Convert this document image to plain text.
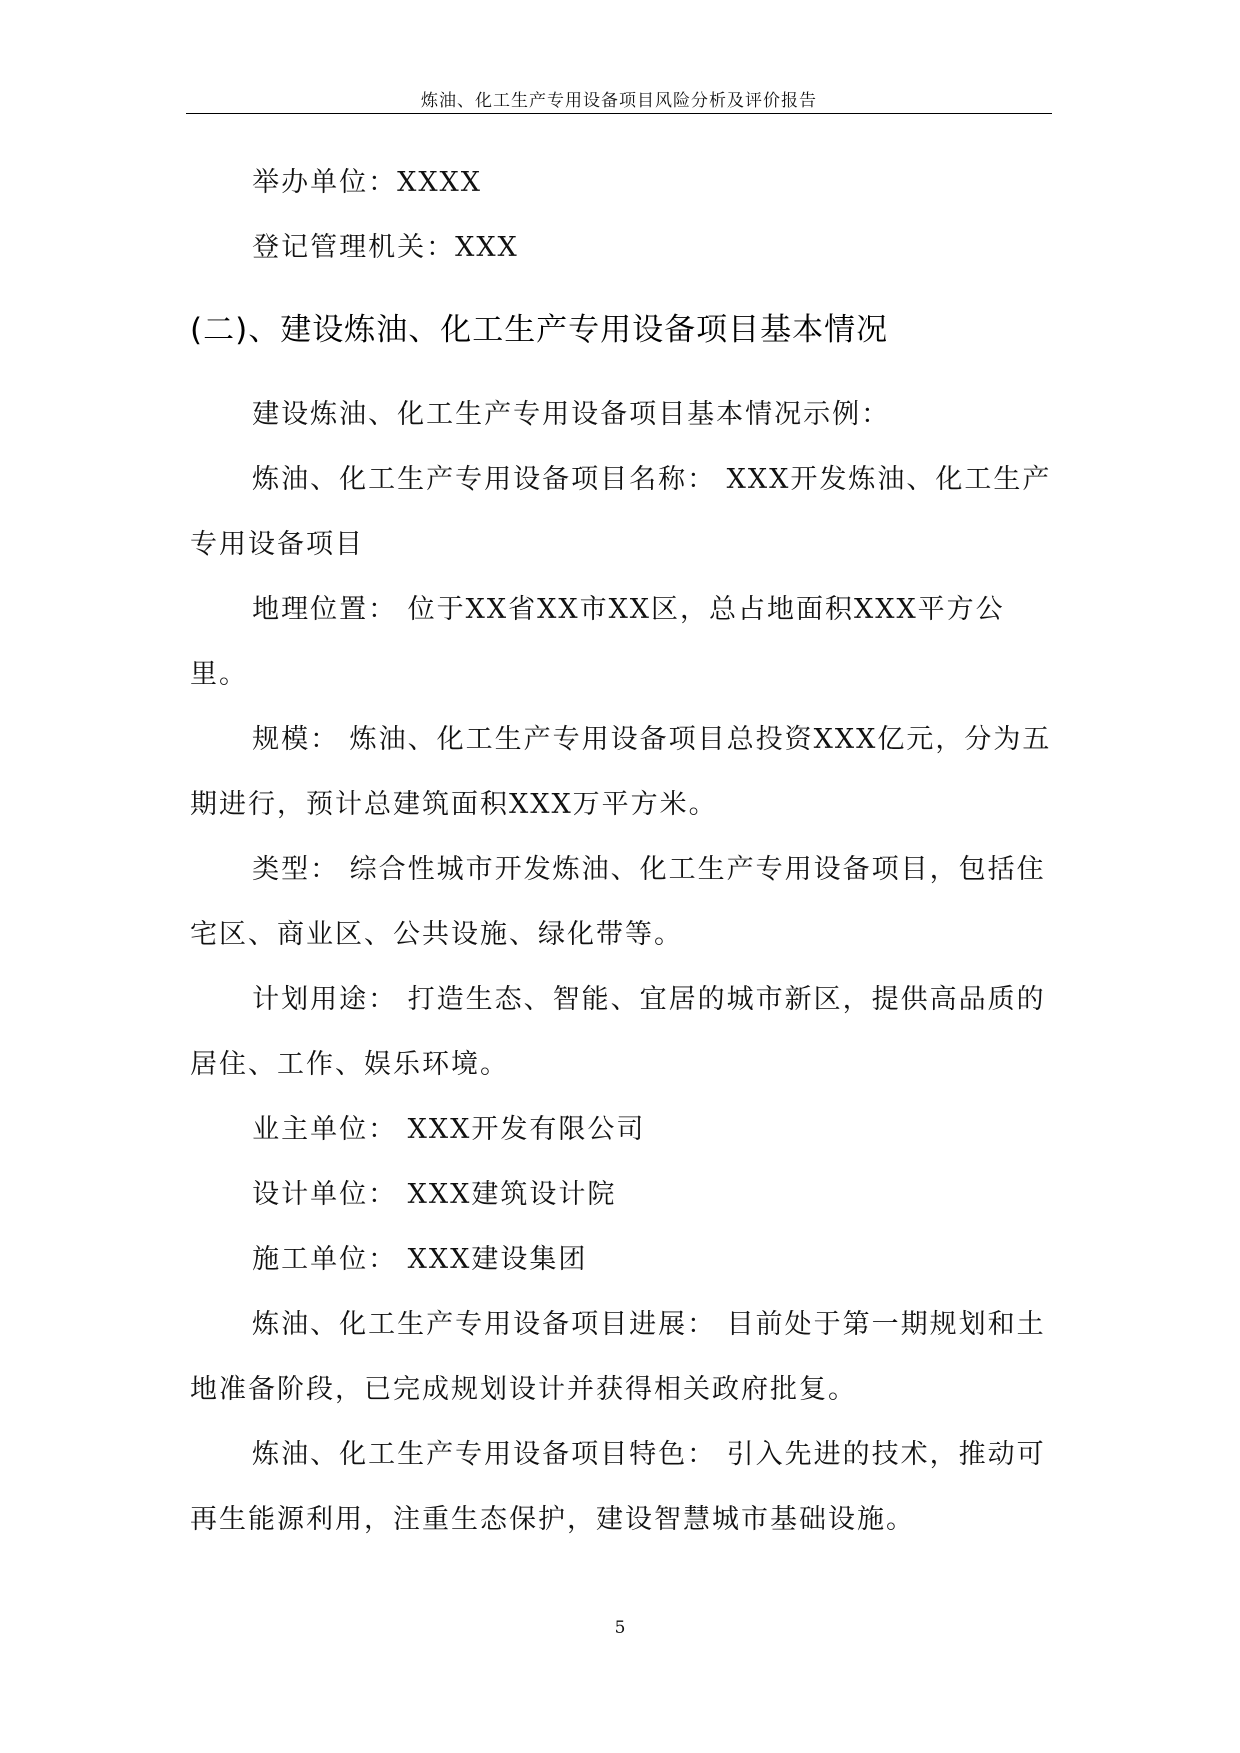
炼油、化工生产专用设备项目风险分析及评价报告

举办单位：XXXX

登记管理机关：XXX

(二)、建设炼油、化工生产专用设备项目基本情况

建设炼油、化工生产专用设备项目基本情况示例：

炼油、化工生产专用设备项目名称： XXX开发炼油、化工生产专用设备项目

地理位置： 位于XX省XX市XX区，总占地面积XXX平方公里。

规模： 炼油、化工生产专用设备项目总投资XXX亿元，分为五期进行，预计总建筑面积XXX万平方米。

类型： 综合性城市开发炼油、化工生产专用设备项目，包括住宅区、商业区、公共设施、绿化带等。

计划用途： 打造生态、智能、宜居的城市新区，提供高品质的居住、工作、娱乐环境。

业主单位： XXX开发有限公司

设计单位： XXX建筑设计院

施工单位： XXX建设集团

炼油、化工生产专用设备项目进展： 目前处于第一期规划和土地准备阶段，已完成规划设计并获得相关政府批复。

炼油、化工生产专用设备项目特色： 引入先进的技术，推动可再生能源利用，注重生态保护，建设智慧城市基础设施。

5
